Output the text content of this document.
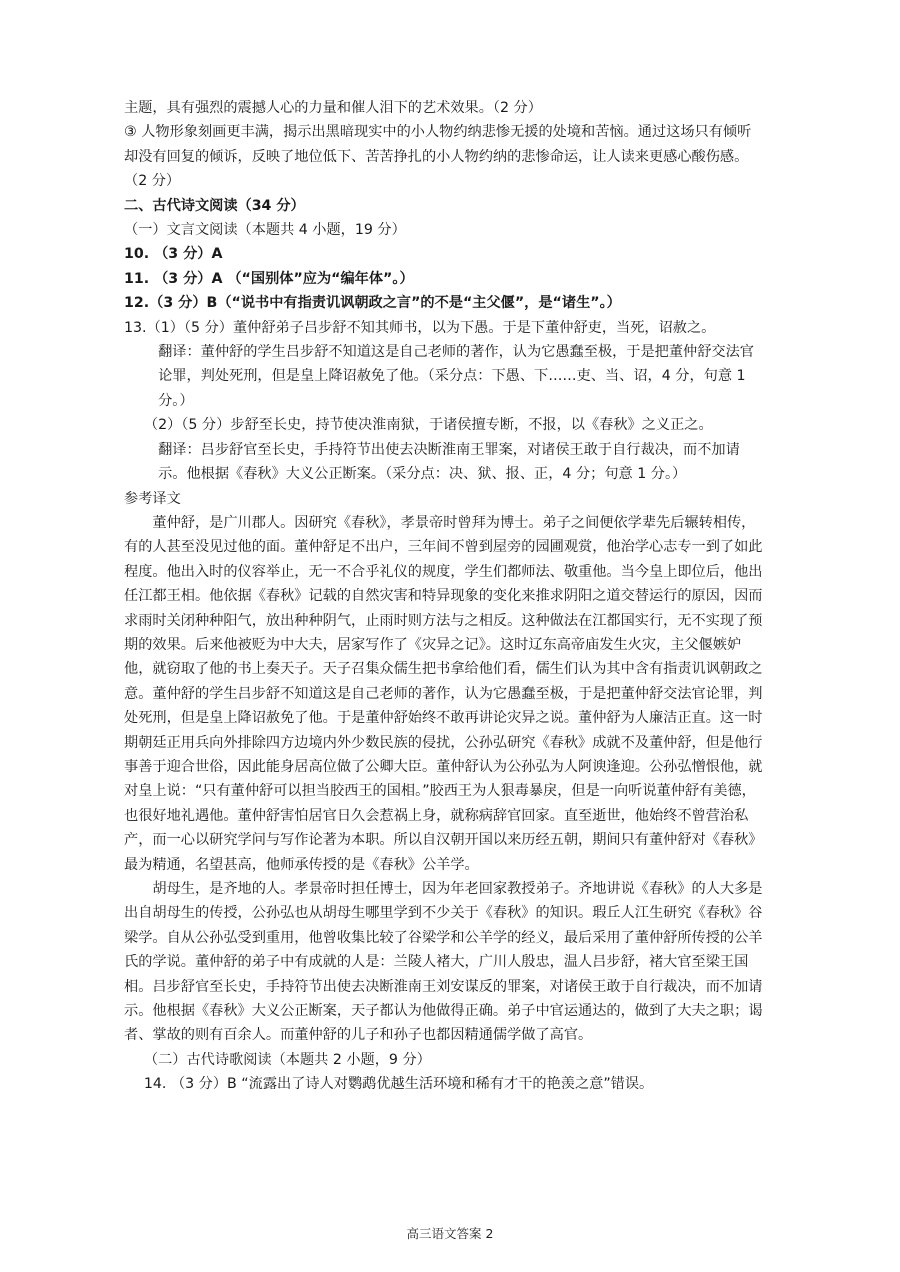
主题，具有强烈的震撼人心的力量和催人泪下的艺术效果。（2 分）

③ 人物形象刻画更丰满，揭示出黑暗现实中的小人物约纳悲惨无援的处境和苦恼。通过这场只有倾听却没有回复的倾诉，反映了地位低下、苦苦挣扎的小人物约纳的悲惨命运，让人读来更感心酸伤感。（2 分）

二、古代诗文阅读（34 分）

（一）文言文阅读（本题共 4 小题，19 分）

10. （3 分）A

11. （3 分）A （“国别体”应为“编年体”。）

12.（3 分）B（“说书中有指责讥讽朝政之言”的不是“主父偃”，是“诸生”。）

13.（1）（5 分）董仲舒弟子吕步舒不知其师书，以为下愚。于是下董仲舒吏，当死，诏赦之。

翻译：董仲舒的学生吕步舒不知道这是自己老师的著作，认为它愚蠢至极，于是把董仲舒交法官论罪，判处死刑，但是皇上降诏赦免了他。（采分点：下愚、下……吏、当、诏，4 分，句意 1 分。）

（2）（5 分）步舒至长史，持节使决淮南狱，于诸侯擅专断，不报，以《春秋》之义正之。

翻译：吕步舒官至长史，手持符节出使去决断淮南王罪案，对诸侯王敢于自行裁决，而不加请示。他根据《春秋》大义公正断案。（采分点：决、狱、报、正，4 分；句意 1 分。）

参考译文

董仲舒，是广川郡人。因研究《春秋》，孝景帝时曾拜为博士。弟子之间便依学辈先后辗转相传，有的人甚至没见过他的面。董仲舒足不出户，三年间不曾到屋旁的园圃观赏，他治学心志专一到了如此程度。他出入时的仪容举止，无一不合乎礼仪的规度，学生们都师法、敬重他。当今皇上即位后，他出任江都王相。他依据《春秋》记载的自然灾害和特异现象的变化来推求阴阳之道交替运行的原因，因而求雨时关闭种种阳气，放出种种阴气，止雨时则方法与之相反。这种做法在江都国实行，无不实现了预期的效果。后来他被贬为中大夫，居家写作了《灾异之记》。这时辽东高帝庙发生火灾，主父偃嫉妒他，就窃取了他的书上奏天子。天子召集众儒生把书拿给他们看，儒生们认为其中含有指责讥讽朝政之意。董仲舒的学生吕步舒不知道这是自己老师的著作，认为它愚蠢至极，于是把董仲舒交法官论罪，判处死刑，但是皇上降诏赦免了他。于是董仲舒始终不敢再讲论灾异之说。董仲舒为人廉洁正直。这一时期朝廷正用兵向外排除四方边境内外少数民族的侵扰，公孙弘研究《春秋》成就不及董仲舒，但是他行事善于迎合世俗，因此能身居高位做了公卿大臣。董仲舒认为公孙弘为人阿谀逢迎。公孙弘憎恨他，就对皇上说：“只有董仲舒可以担当胶西王的国相。”胶西王为人狠毒暴戾，但是一向听说董仲舒有美德，也很好地礼遇他。董仲舒害怕居官日久会惹祸上身，就称病辞官回家。直至逝世，他始终不曾营治私产，而一心以研究学问与写作论著为本职。所以自汉朝开国以来历经五朝，期间只有董仲舒对《春秋》最为精通，名望甚高，他师承传授的是《春秋》公羊学。

胡母生，是齐地的人。孝景帝时担任博士，因为年老回家教授弟子。齐地讲说《春秋》的人大多是出自胡母生的传授，公孙弘也从胡母生哪里学到不少关于《春秋》的知识。瑕丘人江生研究《春秋》谷梁学。自从公孙弘受到重用，他曾收集比较了谷梁学和公羊学的经义，最后采用了董仲舒所传授的公羊氏的学说。董仲舒的弟子中有成就的人是：兰陵人褚大，广川人殷忠，温人吕步舒，褚大官至梁王国相。吕步舒官至长史，手持符节出使去决断淮南王刘安谋反的罪案，对诸侯王敢于自行裁决，而不加请示。他根据《春秋》大义公正断案，天子都认为他做得正确。弟子中官运通达的，做到了大夫之职；谒者、掌故的则有百余人。而董仲舒的儿子和孙子也都因精通儒学做了高官。

（二）古代诗歌阅读（本题共 2 小题，9 分）

14. （3 分）B “流露出了诗人对鹦鹉优越生活环境和稀有才干的艳羡之意”错误。

高三语文答案 2
